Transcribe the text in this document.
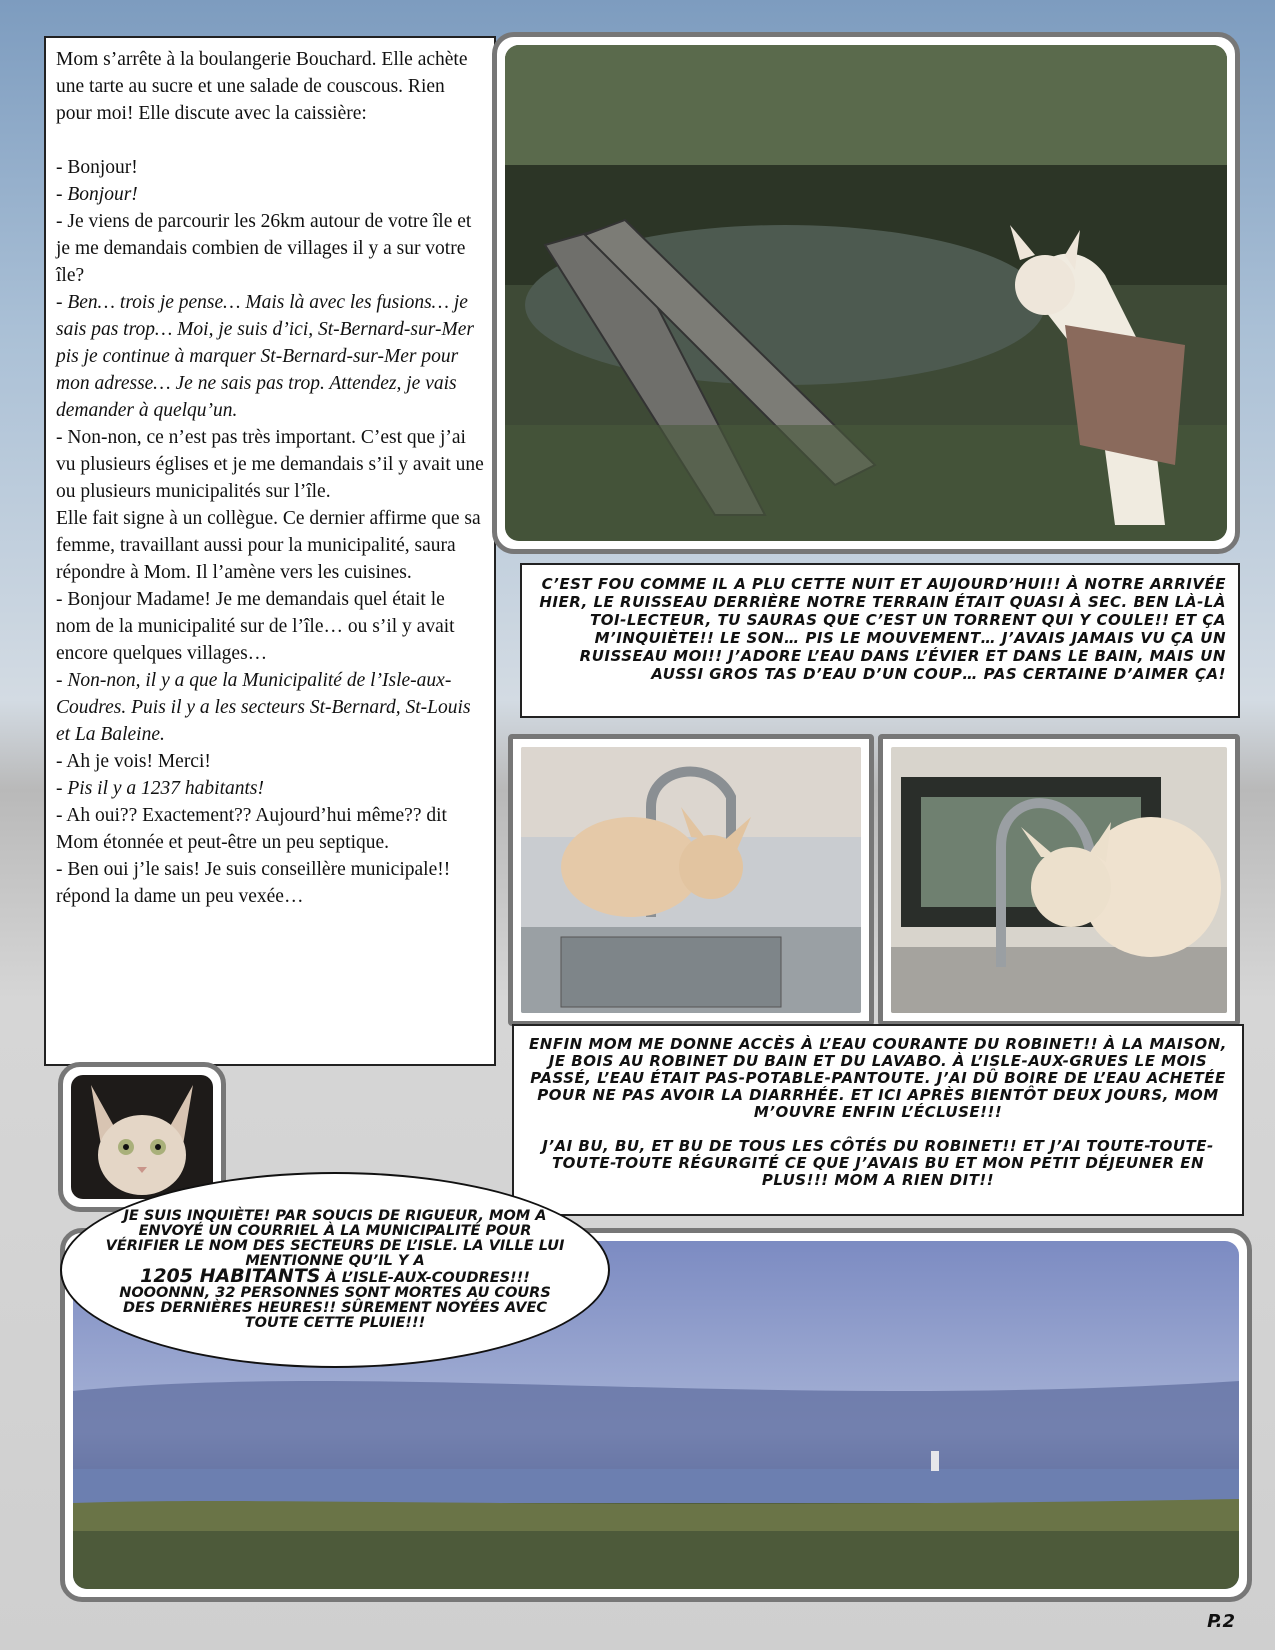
Mom s’arrête à la boulangerie Bouchard. Elle achète une tarte au sucre et une salade de couscous. Rien pour moi! Elle discute avec la caissière:

- Bonjour!

- Bonjour!

- Je viens de parcourir les 26km autour de votre île et je me demandais combien de villages il y a sur votre île?

- Ben… trois je pense… Mais là avec les fusions… je sais pas trop… Moi, je suis d’ici, St-Bernard-sur-Mer pis je continue à marquer St-Bernard-sur-Mer pour mon adresse… Je ne sais pas trop. Attendez, je vais demander à quelqu’un.

- Non-non, ce n’est pas très important. C’est que j’ai vu plusieurs églises et je me demandais s’il y avait une ou plusieurs municipalités sur l’île.

Elle fait signe à un collègue. Ce dernier affirme que sa femme, travaillant aussi pour la municipalité, saura répondre à Mom. Il l’amène vers les cuisines.

- Bonjour Madame! Je me demandais quel était le nom de la municipalité sur de l’île… ou s’il y avait encore quelques villages…

- Non-non, il y a que la Municipalité de l’Isle-aux-Coudres. Puis il y a les secteurs St-Bernard, St-Louis et La Baleine.

- Ah je vois! Merci!

- Pis il y a 1237 habitants!

- Ah oui?? Exactement?? Aujourd’hui même?? dit Mom étonnée et peut-être un peu septique.

- Ben oui j’le sais! Je suis conseillère municipale!! répond la dame un peu vexée…

C’EST FOU COMME IL A PLU CETTE NUIT ET AUJOURD’HUI!! À NOTRE ARRIVÉE HIER, LE RUISSEAU DERRIÈRE NOTRE TERRAIN ÉTAIT QUASI À SEC. BEN LÀ-LÀ TOI-LECTEUR, TU SAURAS QUE C’EST UN TORRENT QUI Y COULE!! ET ÇA M’INQUIÈTE!! LE SON… PIS LE MOUVEMENT… J’AVAIS JAMAIS VU ÇA UN RUISSEAU MOI!! J’ADORE L’EAU DANS L’ÉVIER ET DANS LE BAIN, MAIS UN AUSSI GROS TAS D’EAU D’UN COUP… PAS CERTAINE D’AIMER ÇA!

ENFIN MOM ME DONNE ACCÈS À L’EAU COURANTE DU ROBINET!! À LA MAISON, JE BOIS AU ROBINET DU BAIN ET DU LAVABO. À L’ISLE-AUX-GRUES LE MOIS PASSÉ, L’EAU ÉTAIT PAS-POTABLE-PANTOUTE. J’AI DÛ BOIRE DE L’EAU ACHETÉE POUR NE PAS AVOIR LA DIARRHÉE. ET ICI APRÈS BIENTÔT DEUX JOURS, MOM M’OUVRE ENFIN L’ÉCLUSE!!!

J’AI BU, BU, ET BU DE TOUS LES CÔTÉS DU ROBINET!! ET J’AI TOUTE-TOUTE-TOUTE-TOUTE RÉGURGITÉ CE QUE J’AVAIS BU ET MON PETIT DÉJEUNER EN PLUS!!! MOM A RIEN DIT!!

JE SUIS INQUIÈTE! PAR SOUCIS DE RIGUEUR, MOM A ENVOYÉ UN COURRIEL À LA MUNICIPALITÉ POUR VÉRIFIER LE NOM DES SECTEURS DE L’ISLE. LA VILLE LUI MENTIONNE QU’IL Y A
1205 HABITANTS À L’ISLE-AUX-COUDRES!!!
NOOONNN, 32 PERSONNES SONT MORTES AU COURS DES DERNIÈRES HEURES!! SÛREMENT NOYÉES AVEC TOUTE CETTE PLUIE!!!
P.2
